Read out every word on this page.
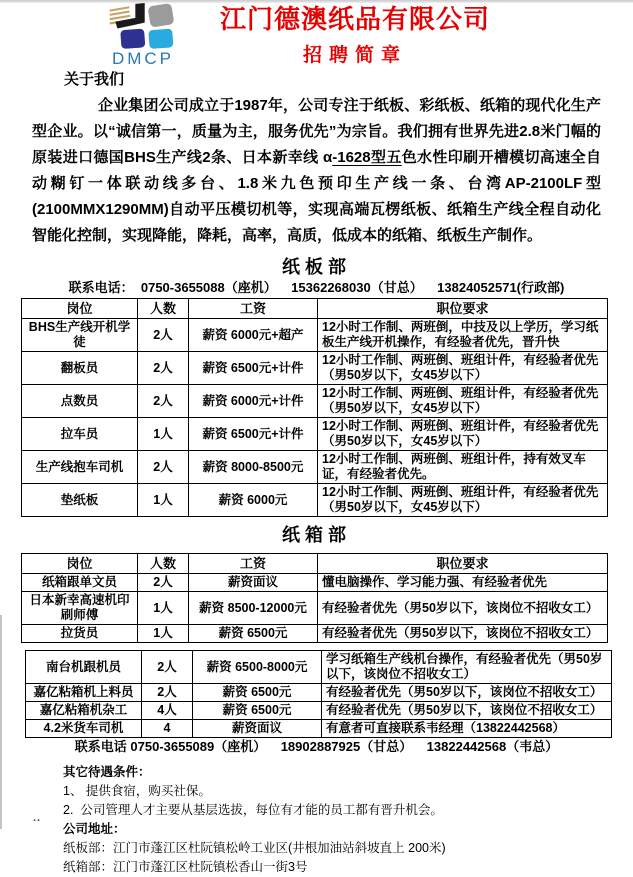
DMCP
江门德澳纸品有限公司
招聘简章
关于我们

企业集团公司成立于1987年，公司专注于纸板、彩纸板、纸箱的现代化生产型企业。以“诚信第一，质量为主，服务优先”为宗旨。我们拥有世界先进2.8米门幅的原装进口德国BHS生产线2条、日本新幸线 α-1628型五色水性印刷开槽模切高速全自动糊钉一体联动线多台、1.8米九色预印生产线一条、台湾AP-2100LF型(2100MMX1290MM)自动平压模切机等，实现高端瓦楞纸板、纸箱生产线全程自动化智能化控制，实现降能，降耗，高率，高质，低成本的纸箱、纸板生产制作。

纸板部
联系电话：  0750-3655088（座机）    15362268030（甘总）    13824052571(行政部)
岗位	人数	工资	职位要求
BHS生产线开机学徒	2人	薪资 6000元+超产	12小时工作制、两班倒，中技及以上学历，学习纸板生产线开机操作，有经验者优先，晋升快
翻板员	2人	薪资 6500元+计件	12小时工作制、两班倒、班组计件，有经验者优先（男50岁以下，女45岁以下）
点数员	2人	薪资 6000元+计件	12小时工作制、两班倒、班组计件，有经验者优先（男50岁以下，女45岁以下）
拉车员	1人	薪资 6500元+计件	12小时工作制、两班倒、班组计件，有经验者优先（男50岁以下，女45岁以下）
生产线抱车司机	2人	薪资 8000-8500元	12小时工作制、两班倒、班组计件，持有效叉车证，有经验者优先。
垫纸板	1人	薪资 6000元	12小时工作制、两班倒、班组计件，有经验者优先（男50岁以下，女45岁以下）
纸箱部
岗位	人数	工资	职位要求
纸箱跟单文员	2人	薪资面议	懂电脑操作、学习能力强、有经验者优先
日本新幸高速机印刷师傅	1人	薪资 8500-12000元	有经验者优先（男50岁以下，该岗位不招收女工）
拉货员	1人	薪资 6500元	有经验者优先（男50岁以下，该岗位不招收女工）
南台机跟机员	2人	薪资 6500-8000元	学习纸箱生产线机台操作，有经验者优先（男50岁以下，该岗位不招收女工）
嘉亿粘箱机上料员	2人	薪资 6500元	有经验者优先（男50岁以下，该岗位不招收女工）
嘉亿粘箱机杂工	4人	薪资 6500元	有经验者优先（男50岁以下，该岗位不招收女工）
4.2米货车司机	4	薪资面议	有意者可直接联系韦经理（13822442568）
联系电话 0750-3655089（座机）    18902887925（甘总）    13822442568（韦总）
其它待遇条件：
1、 提供食宿，购买社保。
2.  公司管理人才主要从基层选拔，每位有才能的员工都有晋升机会。
公司地址：
纸板部：江门市蓬江区杜阮镇松岭工业区(井根加油站斜坡直上 200米)
纸箱部：江门市蓬江区杜阮镇松香山一街3号
..
